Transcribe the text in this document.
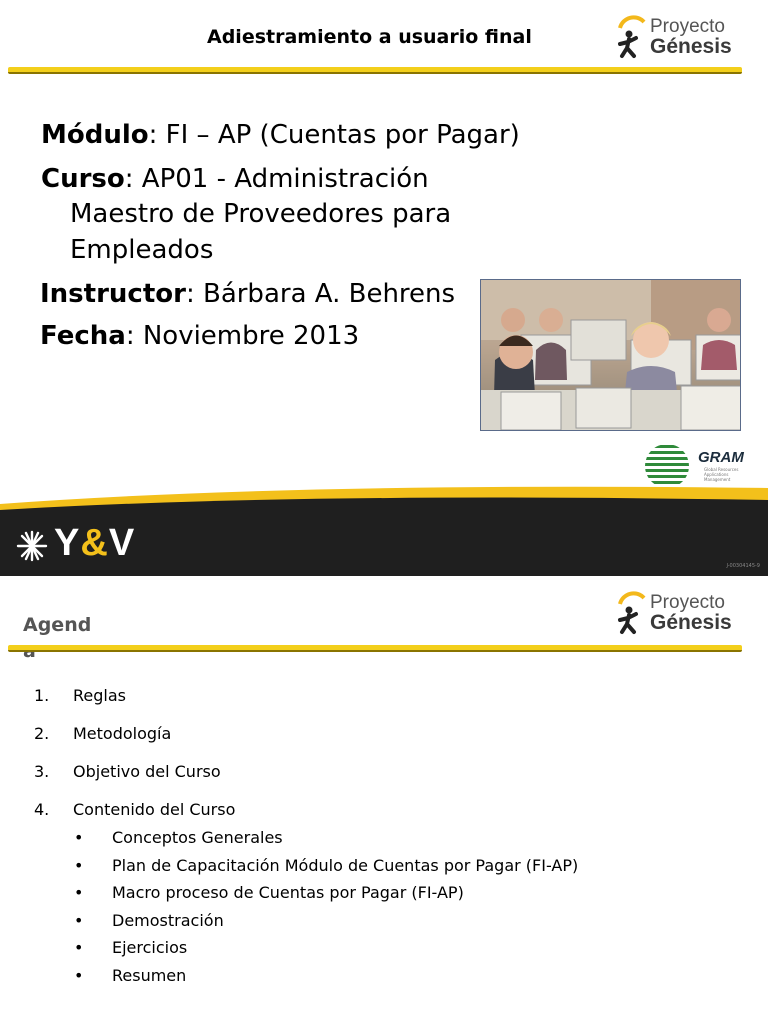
Adiestramiento a usuario final	Proyecto
Génesis
Módulo: FI – AP (Cuentas por Pagar)
Curso: AP01 - Administración
Maestro de Proveedores para
Empleados
Instructor: Bárbara A. Behrens
Fecha: Noviembre 2013
GRAM
Global Resources Applications Management
Y&V
J-00304145-9
Agend
Proyecto
Génesis
1. Reglas
2. Metodología
3. Objetivo del Curso
4. Contenido del Curso
• Conceptos Generales
• Plan de Capacitación Módulo de Cuentas por Pagar (FI-AP)
• Macro proceso de Cuentas por Pagar (FI-AP)
• Demostración
• Ejercicios
• Resumen
